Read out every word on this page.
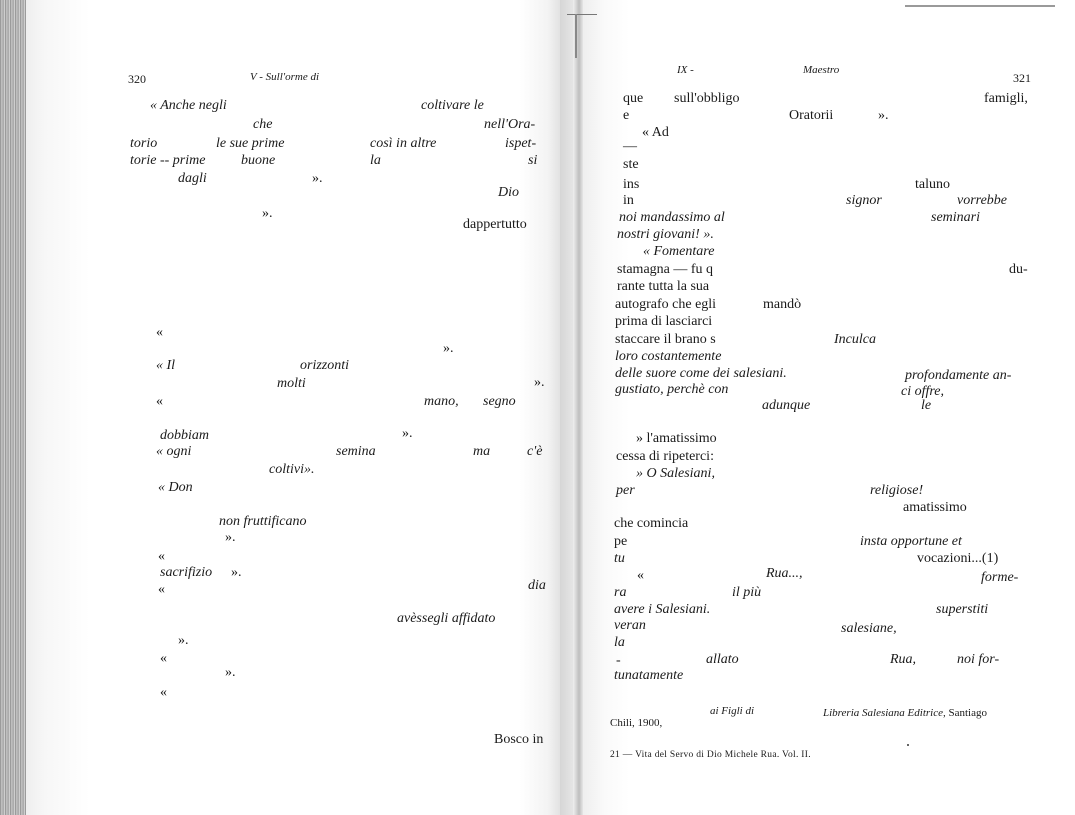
320	V - Sull'orme di
« Anche negli	coltivare le
che	nell'Ora-
torio	le sue prime	così in altre	ispet-
torie -- prime	buone	la	si
dagli	».
Dio
».
dappertutto
«
».
« Il	orizzonti
molti	».
«	mano, segno
dobbiam	».
« ogni	semina	ma	c'è
coltivi».
« Don
non fruttificano
».
«
sacrifizio ».
«	dia
avèssegli affidato
».
«
».
«
Bosco in
IX -	Maestro
321
que sull'obbligo	famigli,
e	Oratorii	».
« Ad
—
ste
ins	taluno
in	signor	vorrebbe
noi mandassimo al	seminari
nostri giovani! ».
« Fomentare
stamagna — fu q	du-
rante tutta la sua
autografo che egli	mandò
prima di lasciarci
staccare il brano s	Inculca
loro costantemente
delle suore come dei salesiani.	profondamente an-
gustiato, perchè con	ci offre,
adunque	le
» l'amatissimo
cessa di ripeterci:
» O Salesiani,
per	religiose!
amatissimo
che comincia
pe	insta opportune et
tu	vocazioni...(1)
«	Rua...,	forme-
ra	il più
avere i Salesiani.	superstiti
veran	salesiane,
la
-	allato	Rua,	noi for-
tunatamente
ai Figli di	Libreria Salesiana Editrice, Santiago
Chili, 1900,
21 — Vita del Servo di Dio Michele Rua. Vol. II.
